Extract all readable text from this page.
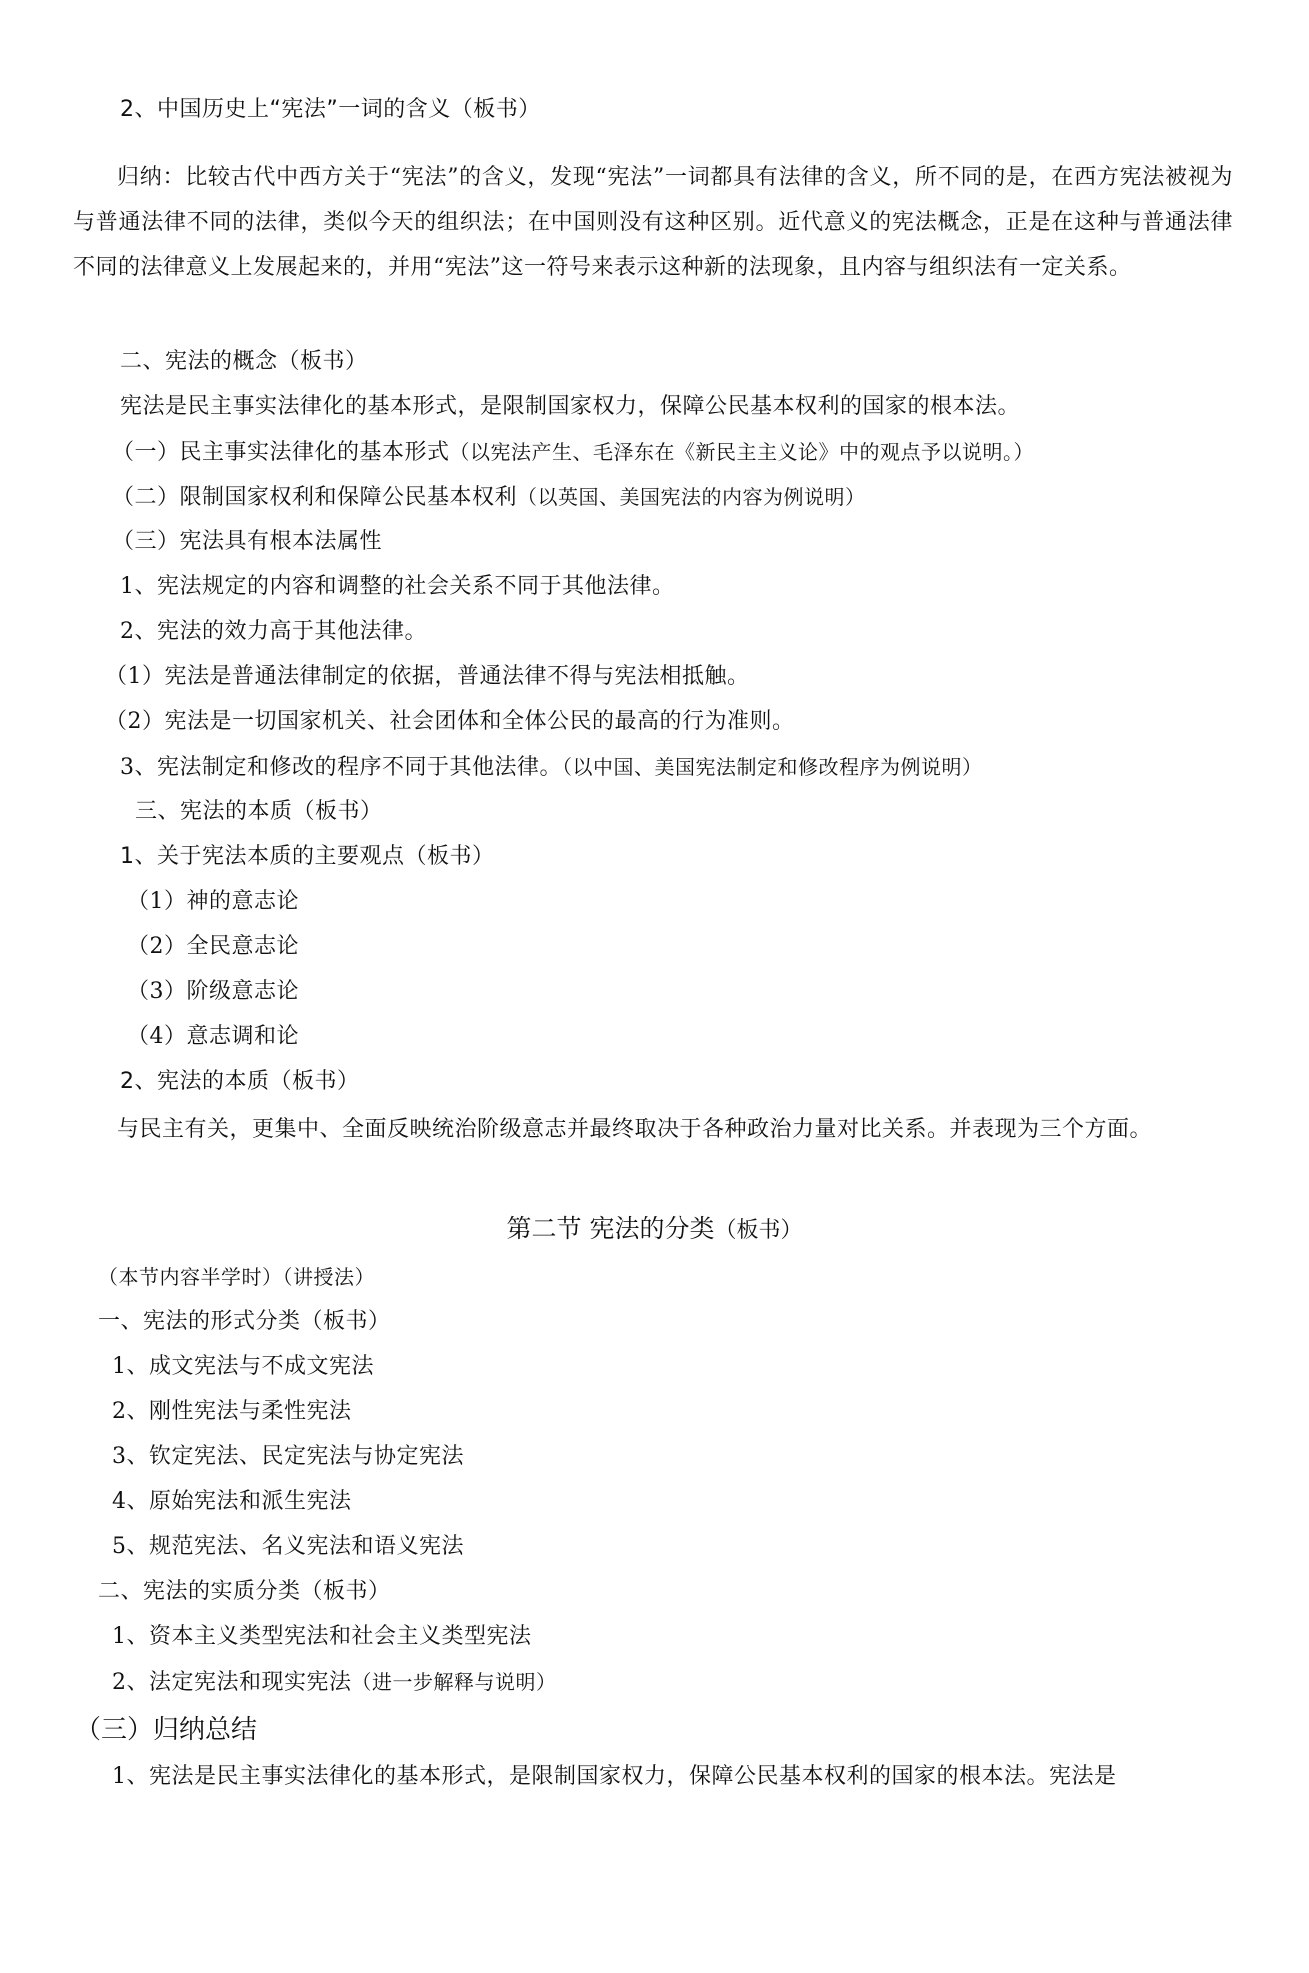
2、中国历史上“宪法”一词的含义（板书）

归纳：比较古代中西方关于“宪法”的含义，发现“宪法”一词都具有法律的含义，所不同的是，在西方宪法被视为与普通法律不同的法律，类似今天的组织法；在中国则没有这种区别。近代意义的宪法概念，正是在这种与普通法律不同的法律意义上发展起来的，并用“宪法”这一符号来表示这种新的法现象，且内容与组织法有一定关系。

二、宪法的概念（板书）
宪法是民主事实法律化的基本形式，是限制国家权力，保障公民基本权利的国家的根本法。
（一）民主事实法律化的基本形式（以宪法产生、毛泽东在《新民主主义论》中的观点予以说明。）
（二）限制国家权利和保障公民基本权利（以英国、美国宪法的内容为例说明）
（三）宪法具有根本法属性
1、宪法规定的内容和调整的社会关系不同于其他法律。
2、宪法的效力高于其他法律。
（1）宪法是普通法律制定的依据，普通法律不得与宪法相抵触。
（2）宪法是一切国家机关、社会团体和全体公民的最高的行为准则。
3、宪法制定和修改的程序不同于其他法律。（以中国、美国宪法制定和修改程序为例说明）
三、宪法的本质（板书）
1、关于宪法本质的主要观点（板书）
（1）神的意志论
（2）全民意志论
（3）阶级意志论
（4）意志调和论
2、宪法的本质（板书）

与民主有关，更集中、全面反映统治阶级意志并最终取决于各种政治力量对比关系。并表现为三个方面。

第二节 宪法的分类（板书）
（本节内容半学时）（讲授法）
一、宪法的形式分类（板书）
1、成文宪法与不成文宪法
2、刚性宪法与柔性宪法
3、钦定宪法、民定宪法与协定宪法
4、原始宪法和派生宪法
5、规范宪法、名义宪法和语义宪法
二、宪法的实质分类（板书）
1、资本主义类型宪法和社会主义类型宪法
2、法定宪法和现实宪法（进一步解释与说明）
（三）归纳总结
1、宪法是民主事实法律化的基本形式，是限制国家权力，保障公民基本权利的国家的根本法。宪法是
